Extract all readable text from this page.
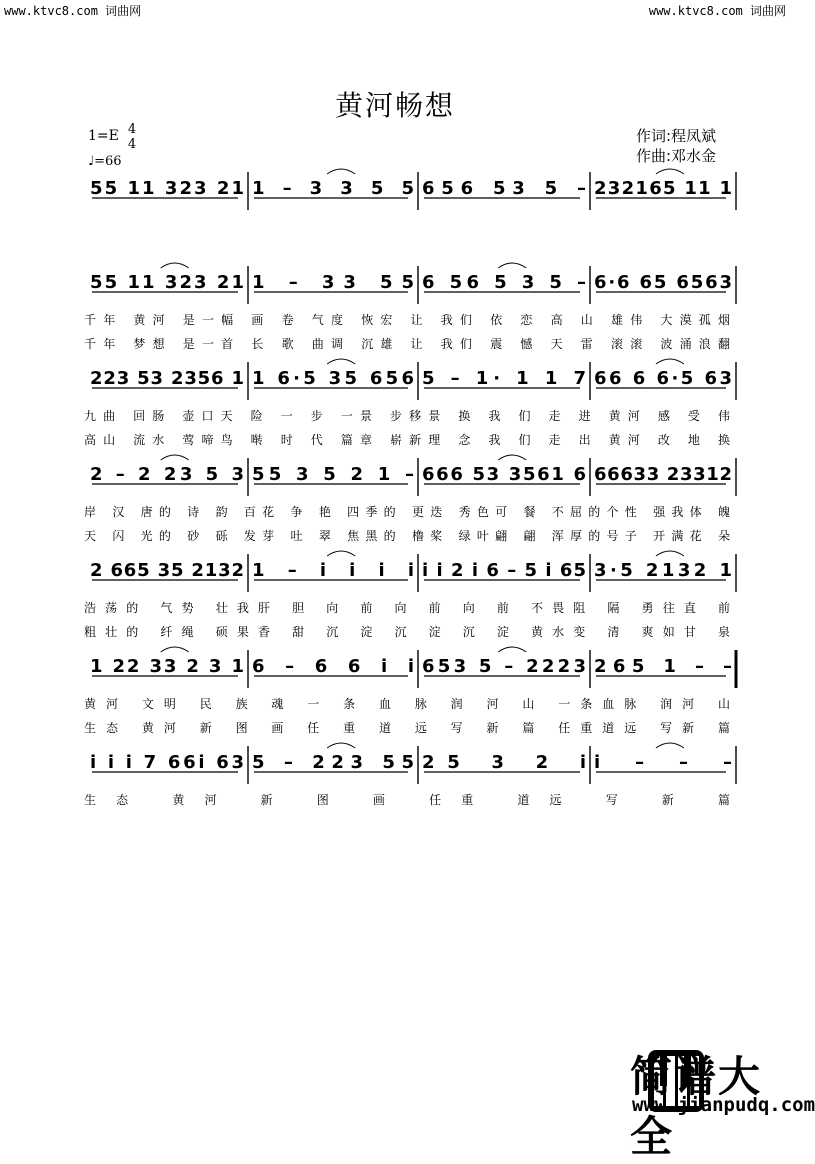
www.ktvc8.com 词曲网	www.ktvc8.com 词曲网
黄河畅想
1=E 4
4
♩=66
作词:程凤斌
作曲:邓水金
55 11 323 21 1 – 3 3 5 5 656 53 5 – 232165 11 1
55 11 323 21 1 – 33 55 6 56 5 3 5 – 6·6 65 6563
千年 黄河 是一幅 画 卷 气度 恢宏 让 我们 依 恋 高 山 雄伟 大漠孤烟
千年 梦想 是一首 长 歌 曲调 沉雄 让 我们 震 憾 天 雷 滚滚 波涌浪翻
223 53 2356 1 1 6·5 35 656 5 – 1· 1 1 7 66 6 6·5 63
九曲 回肠 壶口天 险 一 步 一景 步移景 换 我 们 走 进 黄河 感 受 伟
高山 流水 莺啼鸟 啭 时 代 篇章 崭新理 念 我 们 走 出 黄河 改 地 换
2 – 2 23 5 3 55 3 5 2 1 – 666 53 3561 6 66633 23312
岸 汉 唐的 诗 韵 百花 争 艳 四季的 更迭 秀色可 餐 不屈的个性 强我体 魄
天 闪 光的 砂 砾 发芽 吐 翠 焦黑的 橹桨 绿叶翩 翩 浑厚的号子 开满花 朵
2 665 35 2132 1 – i i i i i i 2 i 6 – 5 i 65 3·5 2132 1
浩荡的 气势 壮我肝 胆 向 前 向 前 向 前 不畏阻 隔 勇往直 前
粗壮的 纤绳 硕果香 甜 沉 淀 沉 淀 沉 淀 黄水变 清 爽如甘 泉
1 22 33 2 3 1 6 – 6 6 i i 653 5 – 2223 265 1 – –
黄河 文明 民 族 魂 一 条 血 脉 润 河 山 一条血脉 润河 山
生态 黄河 新 图 画 任 重 道 远 写 新 篇 任重道远 写新 篇
i i i 7 66i 63 5 – 223 55 25 3 2 i i – – –
生态 黄河 新 图 画 任重 道远 写 新 篇
简谱大全
www.jianpudq.com
